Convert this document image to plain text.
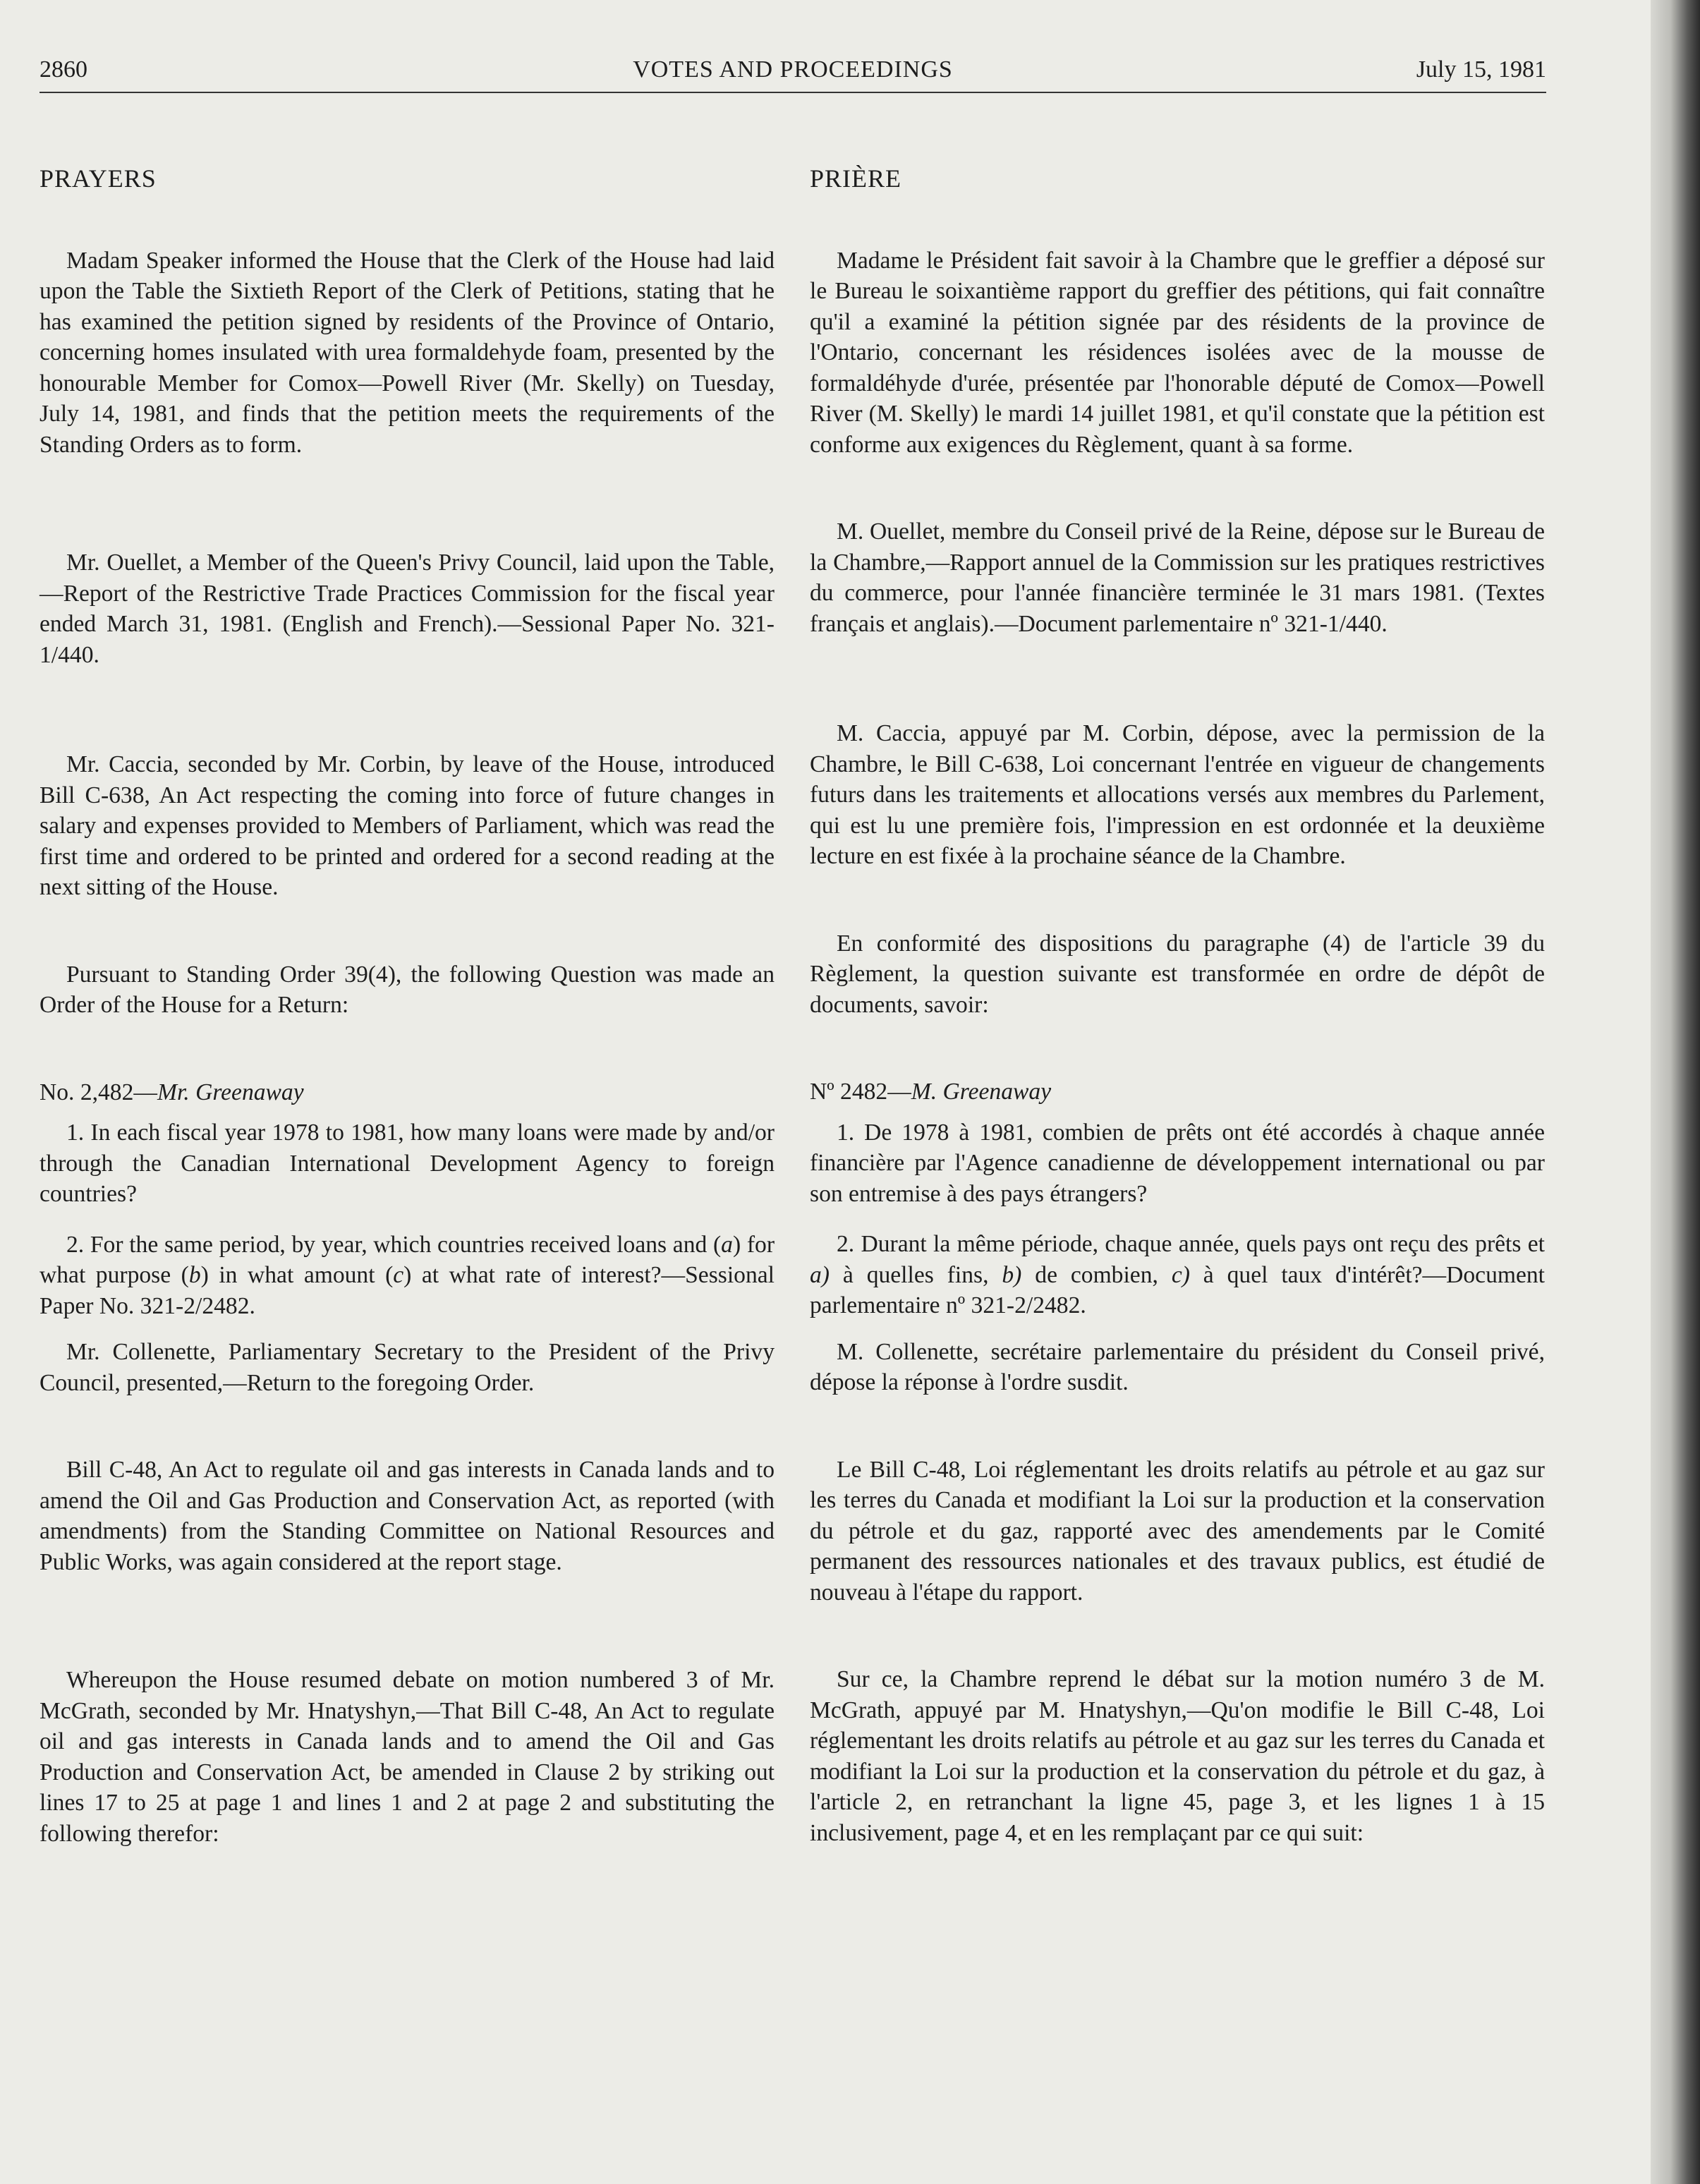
2860	VOTES AND PROCEEDINGS	July 15, 1981
PRAYERS

Madam Speaker informed the House that the Clerk of the House had laid upon the Table the Sixtieth Report of the Clerk of Petitions, stating that he has examined the petition signed by residents of the Province of Ontario, concerning homes insulated with urea formaldehyde foam, presented by the honourable Member for Comox—Powell River (Mr. Skelly) on Tuesday, July 14, 1981, and finds that the petition meets the requirements of the Standing Orders as to form.

Mr. Ouellet, a Member of the Queen's Privy Council, laid upon the Table,—Report of the Restrictive Trade Practices Commission for the fiscal year ended March 31, 1981. (English and French).—Sessional Paper No. 321-1/440.

Mr. Caccia, seconded by Mr. Corbin, by leave of the House, introduced Bill C-638, An Act respecting the coming into force of future changes in salary and expenses provided to Members of Parliament, which was read the first time and ordered to be printed and ordered for a second reading at the next sitting of the House.

Pursuant to Standing Order 39(4), the following Question was made an Order of the House for a Return:

No. 2,482—Mr. Greenaway

1. In each fiscal year 1978 to 1981, how many loans were made by and/or through the Canadian International Development Agency to foreign countries?

2. For the same period, by year, which countries received loans and (a) for what purpose (b) in what amount (c) at what rate of interest?—Sessional Paper No. 321-2/2482.

Mr. Collenette, Parliamentary Secretary to the President of the Privy Council, presented,—Return to the foregoing Order.

Bill C-48, An Act to regulate oil and gas interests in Canada lands and to amend the Oil and Gas Production and Conservation Act, as reported (with amendments) from the Standing Committee on National Resources and Public Works, was again considered at the report stage.

Whereupon the House resumed debate on motion numbered 3 of Mr. McGrath, seconded by Mr. Hnatyshyn,—That Bill C-48, An Act to regulate oil and gas interests in Canada lands and to amend the Oil and Gas Production and Conservation Act, be amended in Clause 2 by striking out lines 17 to 25 at page 1 and lines 1 and 2 at page 2 and substituting the following therefor:

PRIÈRE

Madame le Président fait savoir à la Chambre que le greffier a déposé sur le Bureau le soixantième rapport du greffier des pétitions, qui fait connaître qu'il a examiné la pétition signée par des résidents de la province de l'Ontario, concernant les résidences isolées avec de la mousse de formaldéhyde d'urée, présentée par l'honorable député de Comox—Powell River (M. Skelly) le mardi 14 juillet 1981, et qu'il constate que la pétition est conforme aux exigences du Règlement, quant à sa forme.

M. Ouellet, membre du Conseil privé de la Reine, dépose sur le Bureau de la Chambre,—Rapport annuel de la Commission sur les pratiques restrictives du commerce, pour l'année financière terminée le 31 mars 1981. (Textes français et anglais).—Document parlementaire nº 321-1/440.

M. Caccia, appuyé par M. Corbin, dépose, avec la permission de la Chambre, le Bill C-638, Loi concernant l'entrée en vigueur de changements futurs dans les traitements et allocations versés aux membres du Parlement, qui est lu une première fois, l'impression en est ordonnée et la deuxième lecture en est fixée à la prochaine séance de la Chambre.

En conformité des dispositions du paragraphe (4) de l'article 39 du Règlement, la question suivante est transformée en ordre de dépôt de documents, savoir:

Nº 2482—M. Greenaway

1. De 1978 à 1981, combien de prêts ont été accordés à chaque année financière par l'Agence canadienne de développement international ou par son entremise à des pays étrangers?

2. Durant la même période, chaque année, quels pays ont reçu des prêts et a) à quelles fins, b) de combien, c) à quel taux d'intérêt?—Document parlementaire nº 321-2/2482.

M. Collenette, secrétaire parlementaire du président du Conseil privé, dépose la réponse à l'ordre susdit.

Le Bill C-48, Loi réglementant les droits relatifs au pétrole et au gaz sur les terres du Canada et modifiant la Loi sur la production et la conservation du pétrole et du gaz, rapporté avec des amendements par le Comité permanent des ressources nationales et des travaux publics, est étudié de nouveau à l'étape du rapport.

Sur ce, la Chambre reprend le débat sur la motion numéro 3 de M. McGrath, appuyé par M. Hnatyshyn,—Qu'on modifie le Bill C-48, Loi réglementant les droits relatifs au pétrole et au gaz sur les terres du Canada et modifiant la Loi sur la production et la conservation du pétrole et du gaz, à l'article 2, en retranchant la ligne 45, page 3, et les lignes 1 à 15 inclusivement, page 4, et en les remplaçant par ce qui suit:
